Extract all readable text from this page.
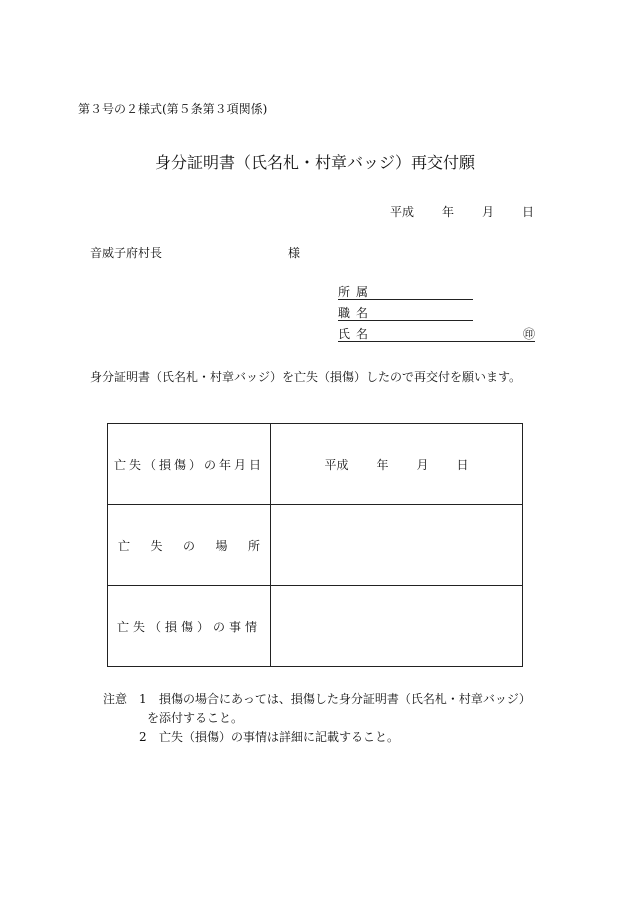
第３号の２様式(第５条第３項関係)
身分証明書（氏名札・村章バッジ）再交付願
平成 年 月 日
音威子府村長	様
所属
職名
氏名	㊞
身分証明書（氏名札・村章バッジ）を亡失（損傷）したので再交付を願います。
亡失（損傷）の年月日	平成 年 月 日

亡 失 の 場 所	

亡失（損傷）の事情	

注意 1 損傷の場合にあっては、損傷した身分証明書（氏名札・村章バッジ）
を添付すること。
2 亡失（損傷）の事情は詳細に記載すること。
